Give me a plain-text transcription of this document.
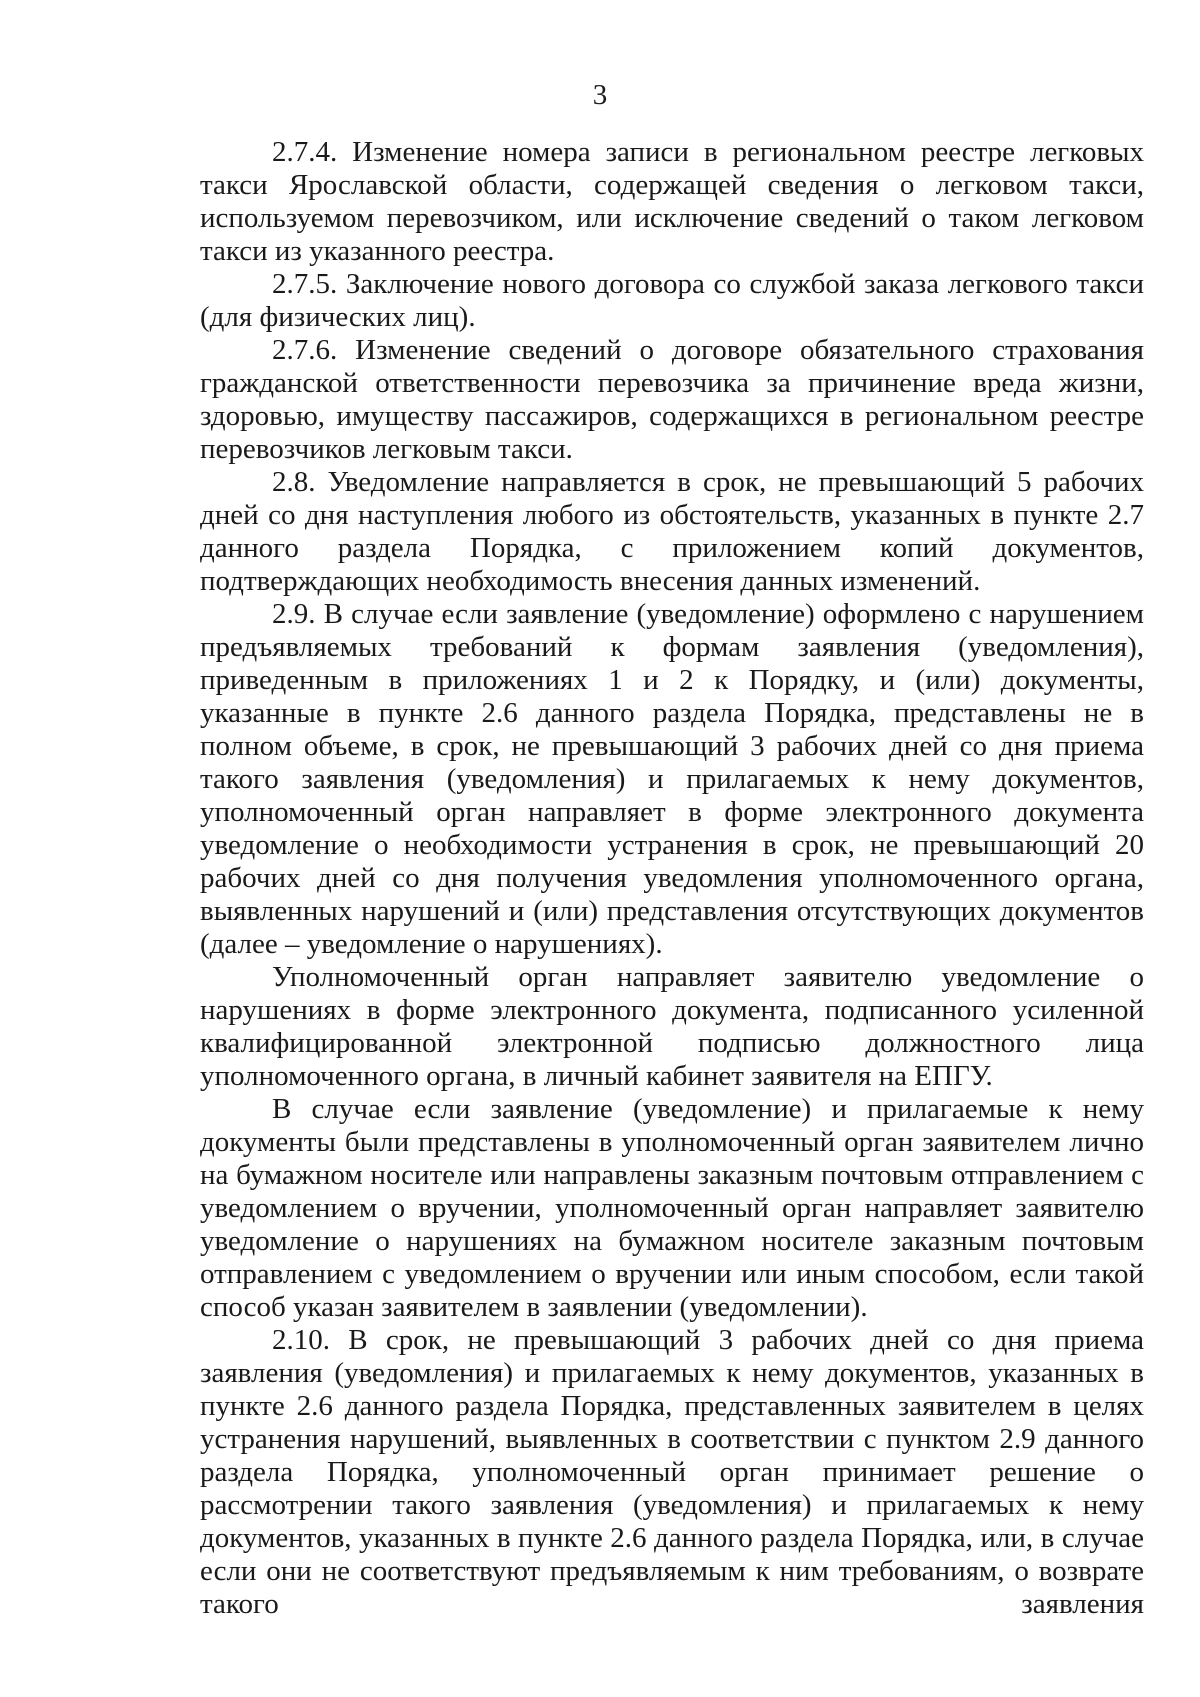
3

2.7.4. Изменение номера записи в региональном реестре легковых такси Ярославской области, содержащей сведения о легковом такси, используемом перевозчиком, или исключение сведений о таком легковом такси из указанного реестра.

2.7.5. Заключение нового договора со службой заказа легкового такси (для физических лиц).

2.7.6. Изменение сведений о договоре обязательного страхования гражданской ответственности перевозчика за причинение вреда жизни, здоровью, имуществу пассажиров, содержащихся в региональном реестре перевозчиков легковым такси.

2.8. Уведомление направляется в срок, не превышающий 5 рабочих дней со дня наступления любого из обстоятельств, указанных в пункте 2.7 данного раздела Порядка, с приложением копий документов, подтверждающих необходимость внесения данных изменений.

2.9. В случае если заявление (уведомление) оформлено с нарушением предъявляемых требований к формам заявления (уведомления), приведенным в приложениях 1 и 2 к Порядку, и (или) документы, указанные в пункте 2.6 данного раздела Порядка, представлены не в полном объеме, в срок, не превышающий 3 рабочих дней со дня приема такого заявления (уведомления) и прилагаемых к нему документов, уполномоченный орган направляет в форме электронного документа уведомление о необходимости устранения в срок, не превышающий 20 рабочих дней со дня получения уведомления уполномоченного органа, выявленных нарушений и (или) представления отсутствующих документов (далее – уведомление о нарушениях).

Уполномоченный орган направляет заявителю уведомление о нарушениях в форме электронного документа, подписанного усиленной квалифицированной электронной подписью должностного лица уполномоченного органа, в личный кабинет заявителя на ЕПГУ.

В случае если заявление (уведомление) и прилагаемые к нему документы были представлены в уполномоченный орган заявителем лично на бумажном носителе или направлены заказным почтовым отправлением с уведомлением о вручении, уполномоченный орган направляет заявителю уведомление о нарушениях на бумажном носителе заказным почтовым отправлением с уведомлением о вручении или иным способом, если такой способ указан заявителем в заявлении (уведомлении).

2.10. В срок, не превышающий 3 рабочих дней со дня приема заявления (уведомления) и прилагаемых к нему документов, указанных в пункте 2.6 данного раздела Порядка, представленных заявителем в целях устранения нарушений, выявленных в соответствии с пунктом 2.9 данного раздела Порядка, уполномоченный орган принимает решение о рассмотрении такого заявления (уведомления) и прилагаемых к нему документов, указанных в пункте 2.6 данного раздела Порядка, или, в случае если они не соответствуют предъявляемым к ним требованиям, о возврате такого заявления
